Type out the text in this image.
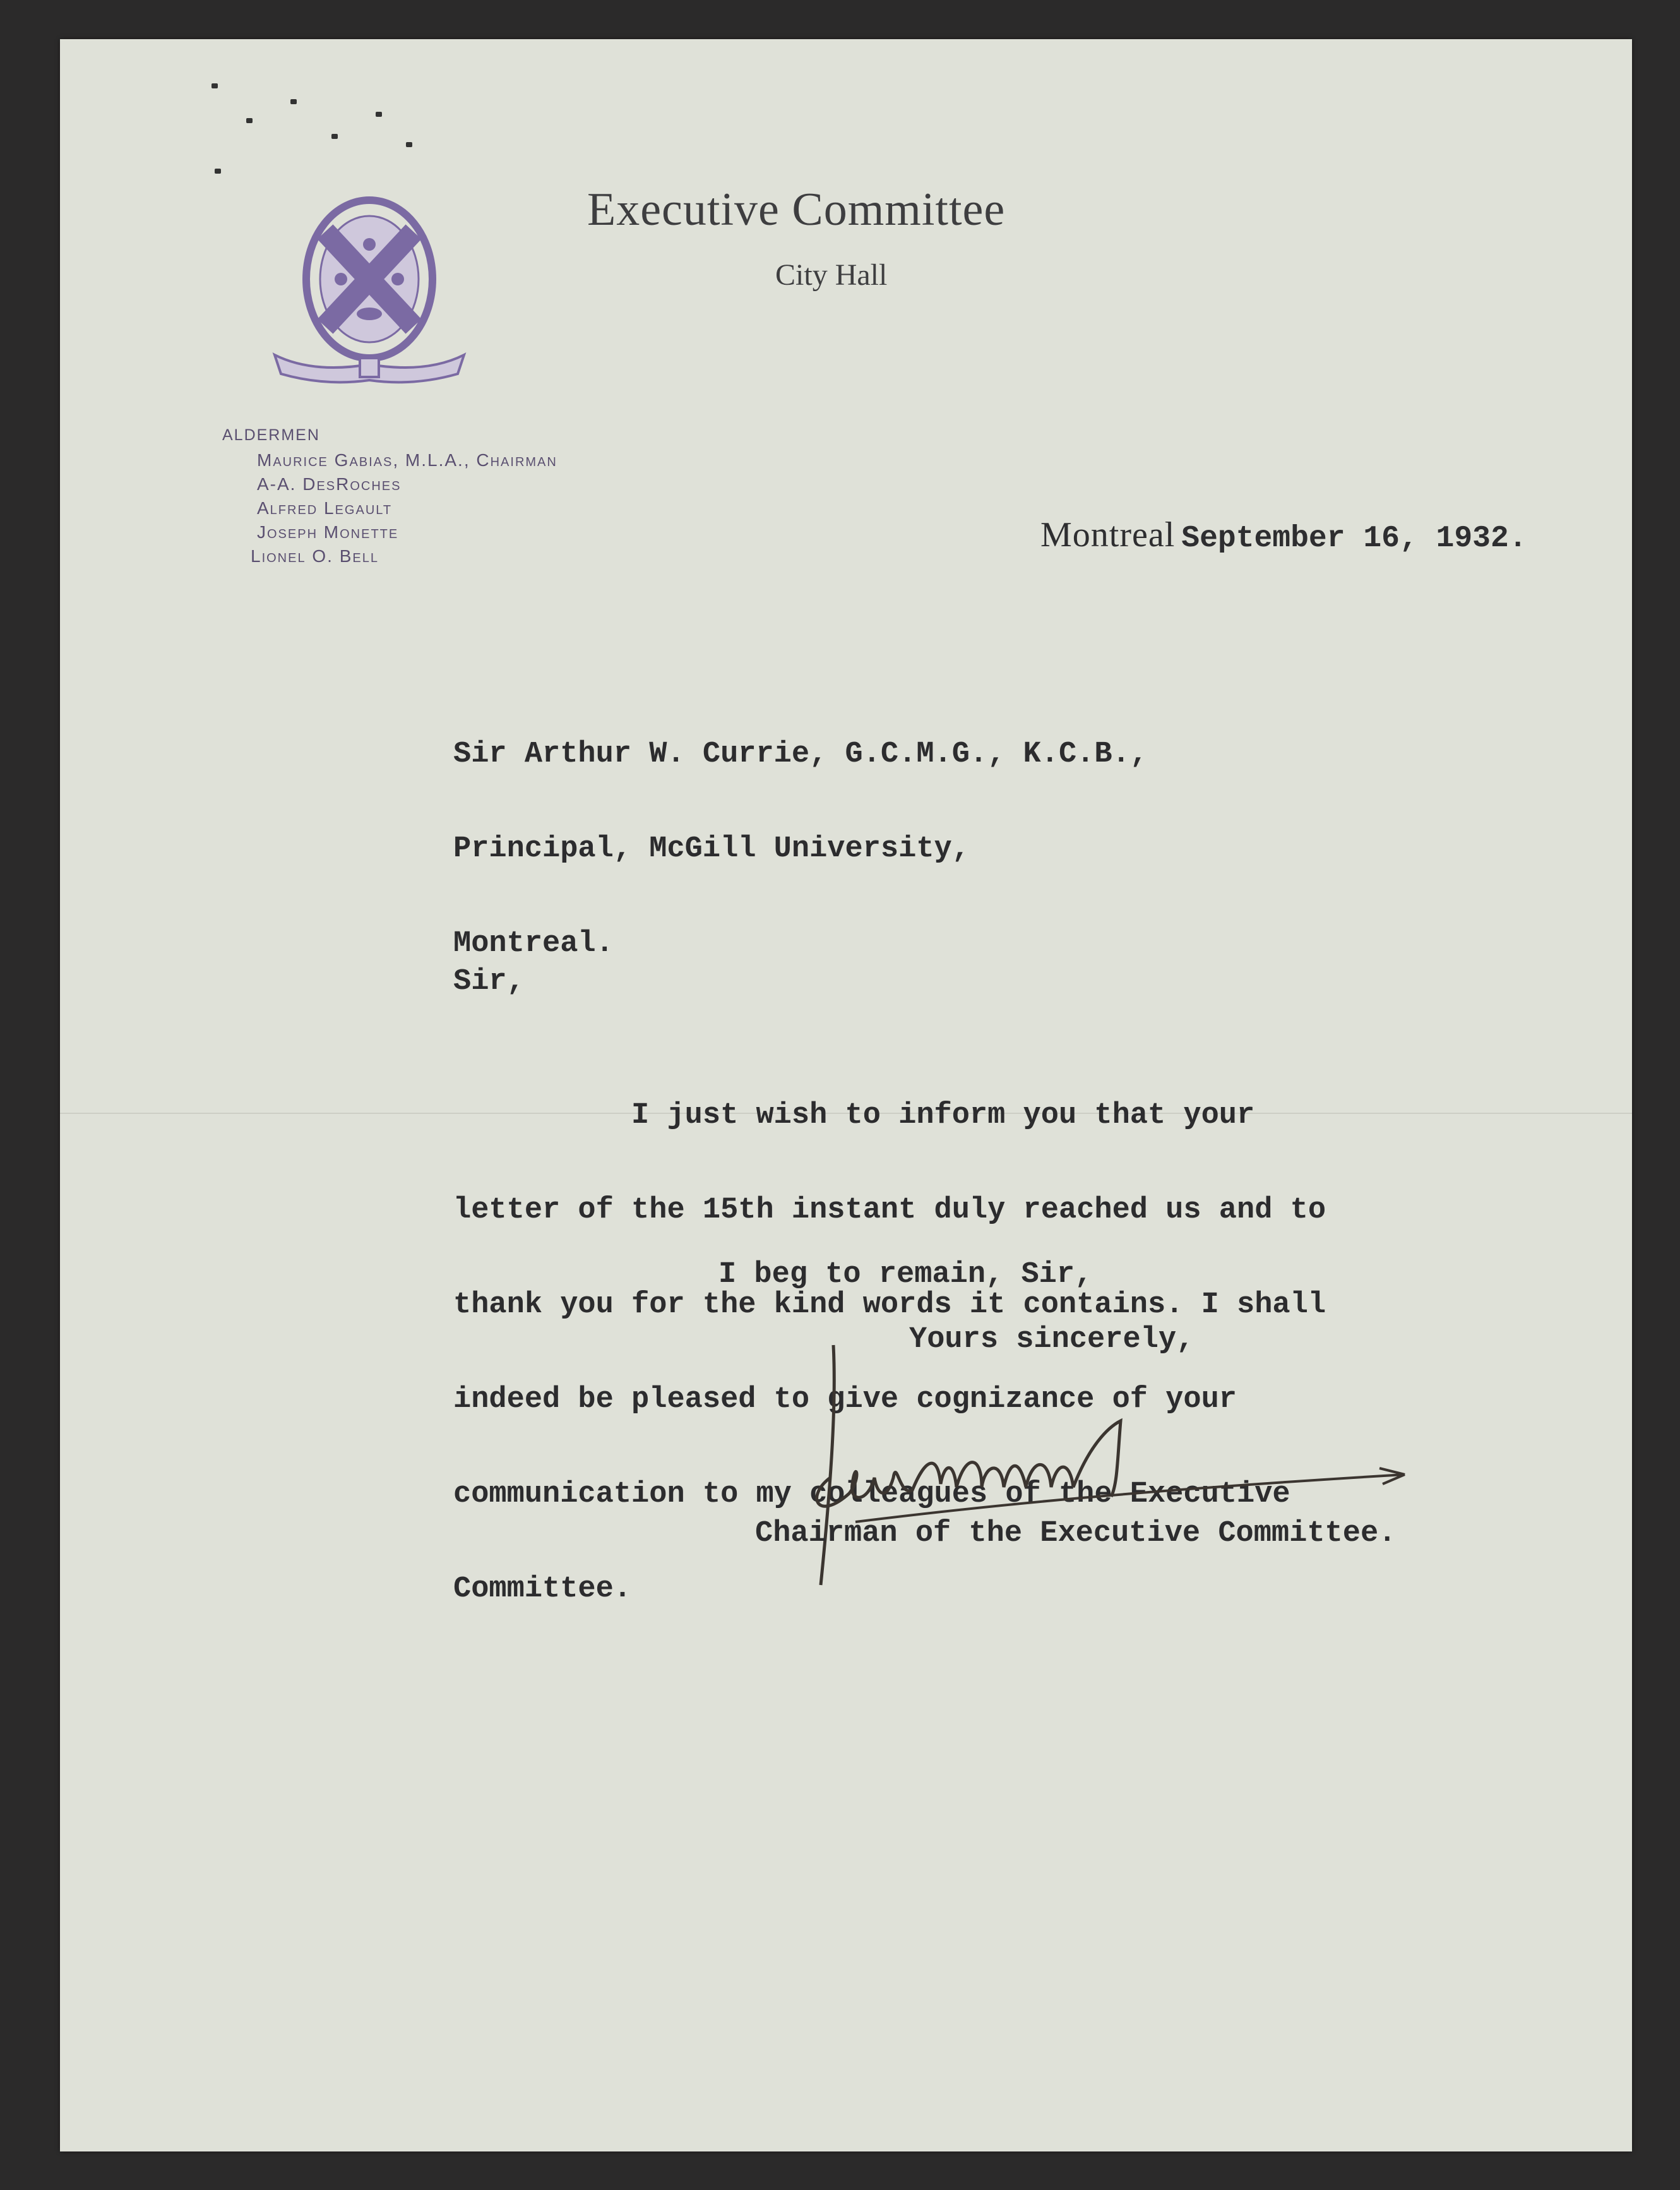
Executive Committee
City Hall
ALDERMEN
Maurice Gabias, M.L.A., Chairman
A-A. DesRoches
Alfred Legault
Joseph Monette
Lionel O. Bell
Montreal September 16, 1932.

Sir Arthur W. Currie, G.C.M.G., K.C.B.,

Principal, McGill University,

Montreal.

Sir,

I just wish to inform you that your

letter of the 15th instant duly reached us and to

thank you for the kind words it contains. I shall

indeed be pleased to give cognizance of your

communication to my colleagues of the Executive

Committee.

I beg to remain, Sir,
Yours sincerely,
Chairman of the Executive Committee.
